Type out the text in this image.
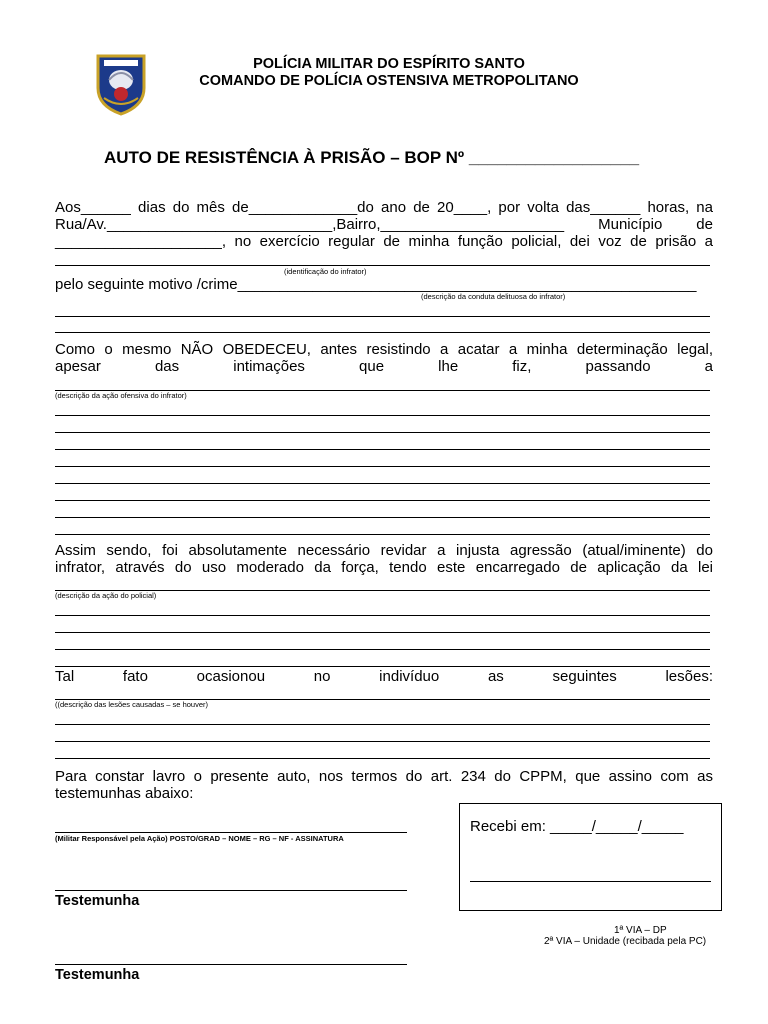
POLÍCIA MILITAR DO ESPÍRITO SANTO
COMANDO DE POLÍCIA OSTENSIVA METROPOLITANO
AUTO DE RESISTÊNCIA À PRISÃO – BOP Nº __________________
Aos______ dias do mês de_____________do ano de 20____, por volta das______ horas, na
Rua/Av.___________________________,Bairro,______________________ Município de
____________________, no exercício regular de minha função policial, dei voz de prisão a
(identificação do infrator)
pelo seguinte motivo /crime_______________________________________________________
(descrição da conduta delituosa do infrator)
Como o mesmo NÃO OBEDECEU, antes resistindo a acatar a minha determinação legal,
apesar das intimações que lhe fiz, passando a
(descrição da ação ofensiva do infrator)
Assim sendo, foi absolutamente necessário revidar a injusta agressão (atual/iminente) do
infrator, através do uso moderado da força, tendo este encarregado de aplicação da lei
(descrição da ação do policial)
Tal fato ocasionou no indivíduo as seguintes lesões:
((descrição das lesões causadas – se houver)
Para constar lavro o presente auto, nos termos do art. 234 do CPPM, que assino com as
testemunhas abaixo:
(Militar Responsável pela Ação) POSTO/GRAD – NOME – RG – NF - ASSINATURA
Testemunha
Testemunha
Recebi em: _____/_____/_____
1ª VIA – DP
2ª VIA – Unidade (recibada pela PC)
